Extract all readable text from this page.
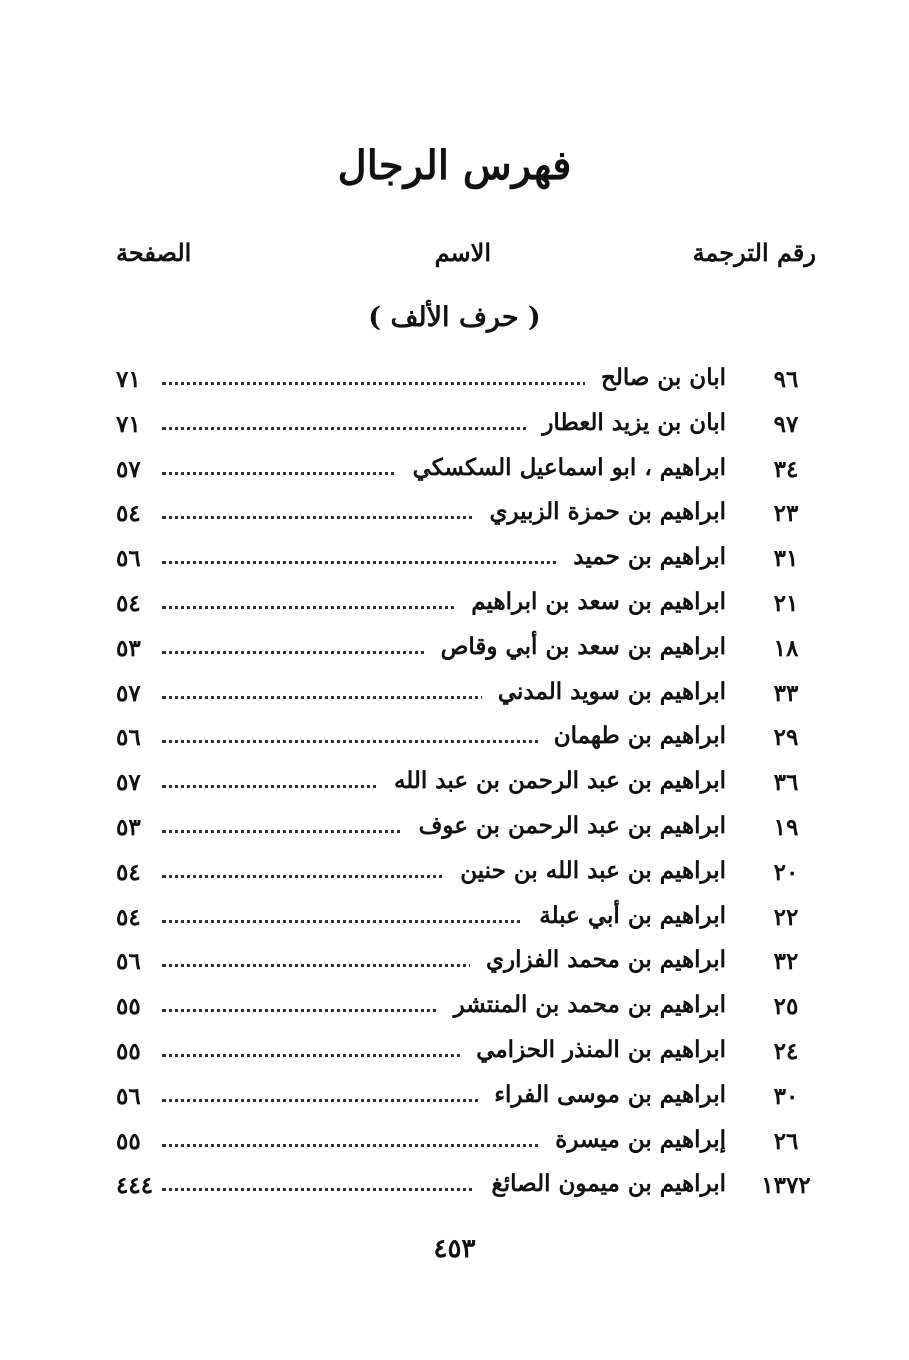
فهرس الرجال
رقم الترجمة
الاسم
الصفحة
( حرف الألف )
٩٦
ابان بن صالح
٧١
٩٧
ابان بن يزيد العطار
٧١
٣٤
ابراهيم ، ابو اسماعيل السكسكي
٥٧
٢٣
ابراهيم بن حمزة الزبيري
٥٤
٣١
ابراهيم بن حميد
٥٦
٢١
ابراهيم بن سعد بن ابراهيم
٥٤
١٨
ابراهيم بن سعد بن أبي وقاص
٥٣
٣٣
ابراهيم بن سويد المدني
٥٧
٢٩
ابراهيم بن طهمان
٥٦
٣٦
ابراهيم بن عبد الرحمن بن عبد الله
٥٧
١٩
ابراهيم بن عبد الرحمن بن عوف
٥٣
٢٠
ابراهيم بن عبد الله بن حنين
٥٤
٢٢
ابراهيم بن أبي عبلة
٥٤
٣٢
ابراهيم بن محمد الفزاري
٥٦
٢٥
ابراهيم بن محمد بن المنتشر
٥٥
٢٤
ابراهيم بن المنذر الحزامي
٥٥
٣٠
ابراهيم بن موسى الفراء
٥٦
٢٦
إبراهيم بن ميسرة
٥٥
١٣٧٢
ابراهيم بن ميمون الصائغ
٤٤٤
٤٥٣
